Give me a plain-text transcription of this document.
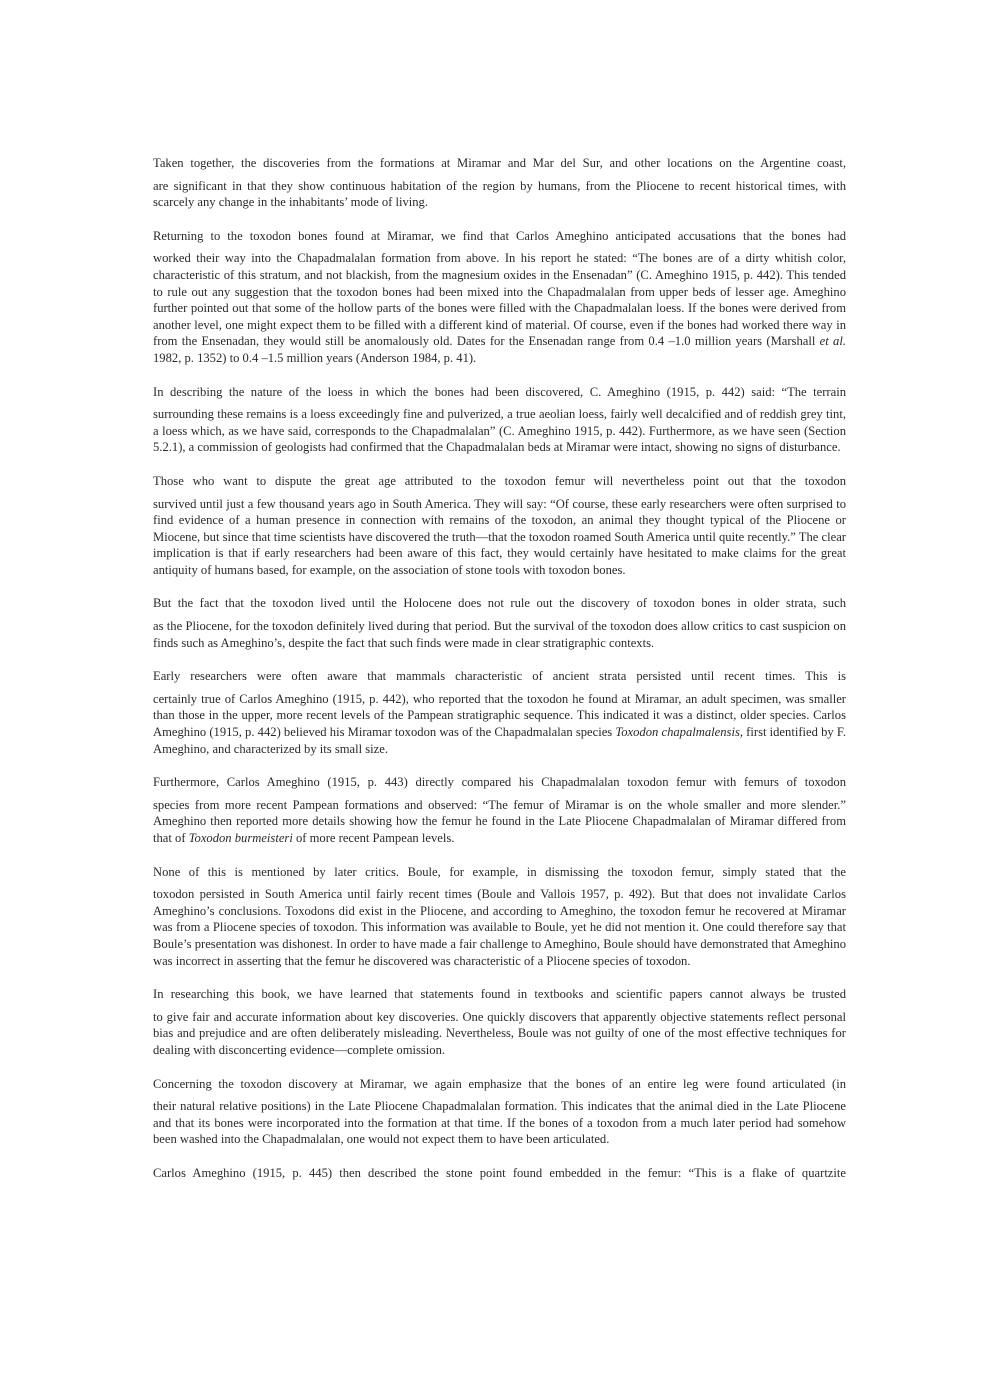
Taken together, the discoveries from the formations at Miramar and Mar del Sur, and other locations on the Argentine coast,
are significant in that they show continuous habitation of the region by humans, from the Pliocene to recent historical times, with scarcely any change in the inhabitants’ mode of living.

Returning to the toxodon bones found at Miramar, we find that Carlos Ameghino anticipated accusations that the bones had
worked their way into the Chapadmalalan formation from above. In his report he stated: “The bones are of a dirty whitish color, characteristic of this stratum, and not blackish, from the magnesium oxides in the Ensenadan” (C. Ameghino 1915, p. 442). This tended to rule out any suggestion that the toxodon bones had been mixed into the Chapadmalalan from upper beds of lesser age. Ameghino further pointed out that some of the hollow parts of the bones were filled with the Chapadmalalan loess. If the bones were derived from another level, one might expect them to be filled with a different kind of material. Of course, even if the bones had worked there way in from the Ensenadan, they would still be anomalously old. Dates for the Ensenadan range from 0.4 –1.0 million years (Marshall et al. 1982, p. 1352) to 0.4 –1.5 million years (Anderson 1984, p. 41).

In describing the nature of the loess in which the bones had been discovered, C. Ameghino (1915, p. 442) said: “The terrain
surrounding these remains is a loess exceedingly fine and pulverized, a true aeolian loess, fairly well decalcified and of reddish grey tint, a loess which, as we have said, corresponds to the Chapadmalalan” (C. Ameghino 1915, p. 442). Furthermore, as we have seen (Section 5.2.1), a commission of geologists had confirmed that the Chapadmalalan beds at Miramar were intact, showing no signs of disturbance.

Those who want to dispute the great age attributed to the toxodon femur will nevertheless point out that the toxodon
survived until just a few thousand years ago in South America. They will say: “Of course, these early researchers were often surprised to find evidence of a human presence in connection with remains of the toxodon, an animal they thought typical of the Pliocene or Miocene, but since that time scientists have discovered the truth—that the toxodon roamed South America until quite recently.” The clear implication is that if early researchers had been aware of this fact, they would certainly have hesitated to make claims for the great antiquity of humans based, for example, on the association of stone tools with toxodon bones.

But the fact that the toxodon lived until the Holocene does not rule out the discovery of toxodon bones in older strata, such
as the Pliocene, for the toxodon definitely lived during that period. But the survival of the toxodon does allow critics to cast suspicion on finds such as Ameghino’s, despite the fact that such finds were made in clear stratigraphic contexts.

Early researchers were often aware that mammals characteristic of ancient strata persisted until recent times. This is
certainly true of Carlos Ameghino (1915, p. 442), who reported that the toxodon he found at Miramar, an adult specimen, was smaller than those in the upper, more recent levels of the Pampean stratigraphic sequence. This indicated it was a distinct, older species. Carlos Ameghino (1915, p. 442) believed his Miramar toxodon was of the Chapadmalalan species Toxodon chapalmalensis, first identified by F. Ameghino, and characterized by its small size.

Furthermore, Carlos Ameghino (1915, p. 443) directly compared his Chapadmalalan toxodon femur with femurs of toxodon
species from more recent Pampean formations and observed: “The femur of Miramar is on the whole smaller and more slender.” Ameghino then reported more details showing how the femur he found in the Late Pliocene Chapadmalalan of Miramar differed from that of Toxodon burmeisteri of more recent Pampean levels.

None of this is mentioned by later critics. Boule, for example, in dismissing the toxodon femur, simply stated that the
toxodon persisted in South America until fairly recent times (Boule and Vallois 1957, p. 492). But that does not invalidate Carlos Ameghino’s conclusions. Toxodons did exist in the Pliocene, and according to Ameghino, the toxodon femur he recovered at Miramar was from a Pliocene species of toxodon. This information was available to Boule, yet he did not mention it. One could therefore say that Boule’s presentation was dishonest. In order to have made a fair challenge to Ameghino, Boule should have demonstrated that Ameghino was incorrect in asserting that the femur he discovered was characteristic of a Pliocene species of toxodon.

In researching this book, we have learned that statements found in textbooks and scientific papers cannot always be trusted
to give fair and accurate information about key discoveries. One quickly discovers that apparently objective statements reflect personal bias and prejudice and are often deliberately misleading. Nevertheless, Boule was not guilty of one of the most effective techniques for dealing with disconcerting evidence—complete omission.

Concerning the toxodon discovery at Miramar, we again emphasize that the bones of an entire leg were found articulated (in
their natural relative positions) in the Late Pliocene Chapadmalalan formation. This indicates that the animal died in the Late Pliocene and that its bones were incorporated into the formation at that time. If the bones of a toxodon from a much later period had somehow been washed into the Chapadmalalan, one would not expect them to have been articulated.

Carlos Ameghino (1915, p. 445) then described the stone point found embedded in the femur: “This is a flake of quartzite
